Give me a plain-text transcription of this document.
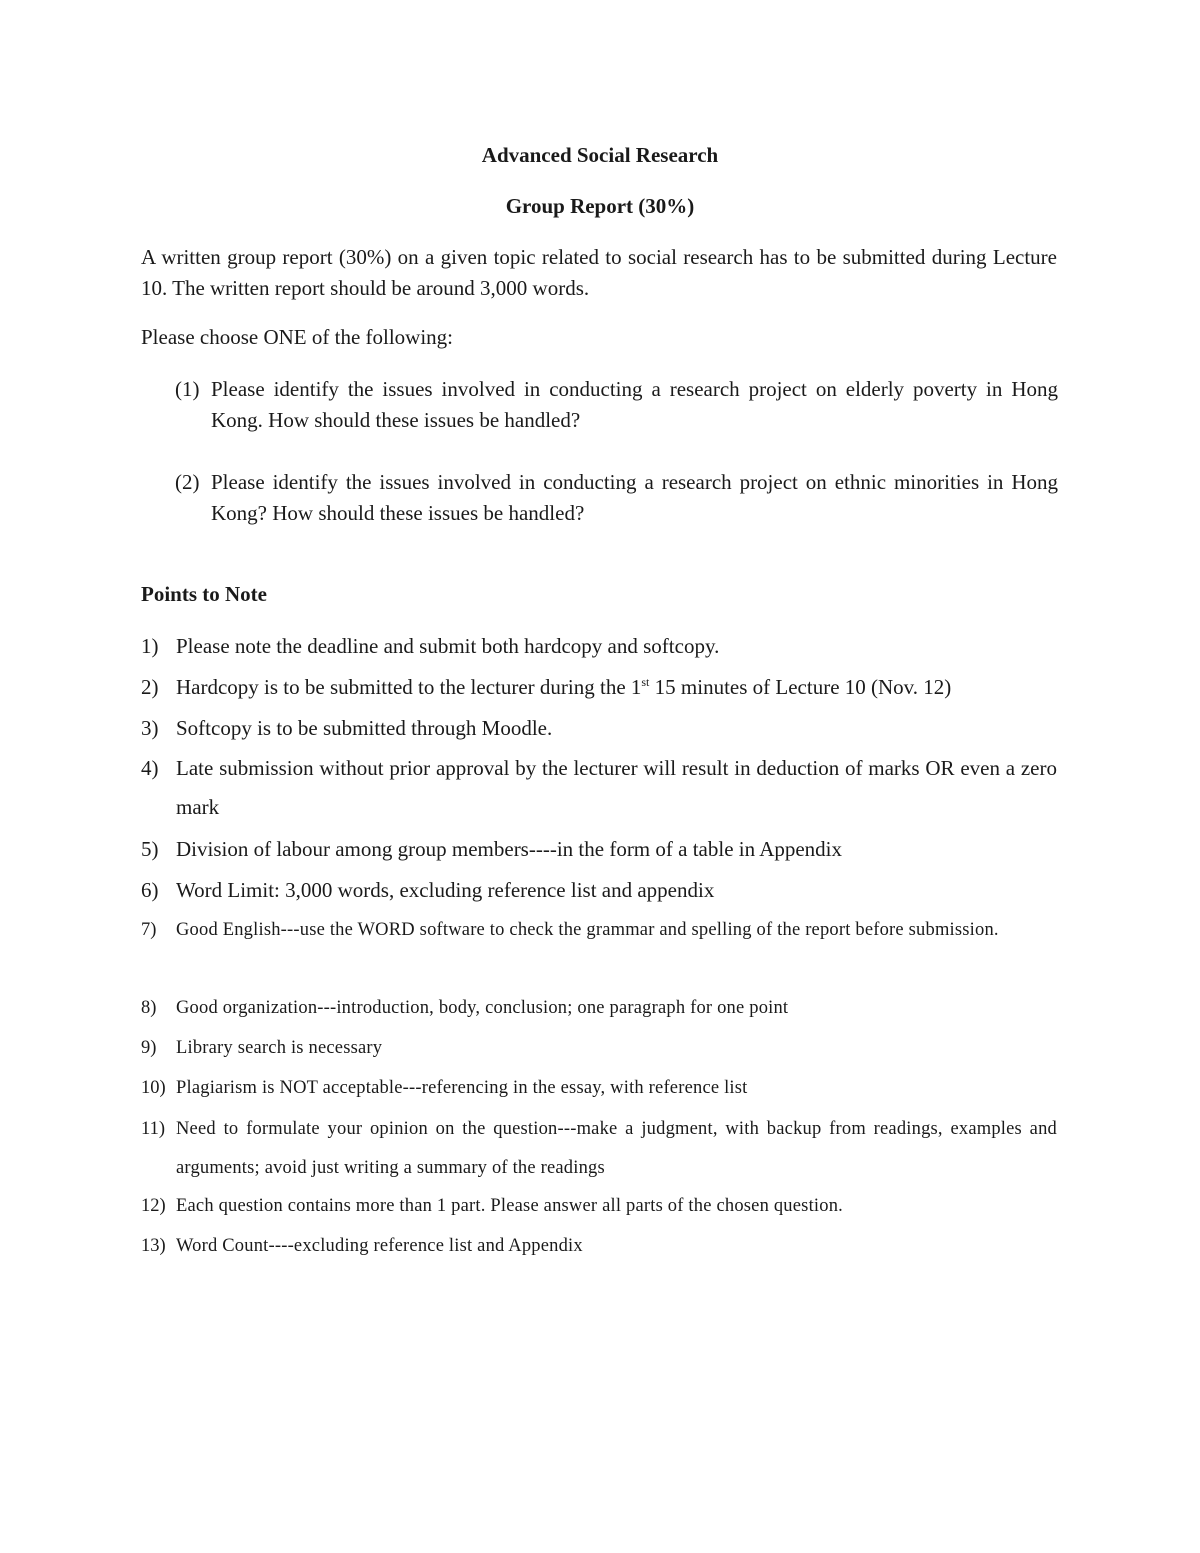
Advanced Social Research
Group Report (30%)
A written group report (30%) on a given topic related to social research has to be submitted during Lecture 10. The written report should be around 3,000 words.
Please choose ONE of the following:
(1) Please identify the issues involved in conducting a research project on elderly poverty in Hong Kong. How should these issues be handled?
(2) Please identify the issues involved in conducting a research project on ethnic minorities in Hong Kong? How should these issues be handled?
Points to Note
1) Please note the deadline and submit both hardcopy and softcopy.
2) Hardcopy is to be submitted to the lecturer during the 1st 15 minutes of Lecture 10 (Nov. 12)
3) Softcopy is to be submitted through Moodle.
4) Late submission without prior approval by the lecturer will result in deduction of marks OR even a zero mark
5) Division of labour among group members----in the form of a table in Appendix
6) Word Limit: 3,000 words, excluding reference list and appendix
7)	Good English---use the WORD software to check the grammar and spelling of the report before submission.
8)	Good organization---introduction, body, conclusion; one paragraph for one point
9)	Library search is necessary
10) Plagiarism is NOT acceptable---referencing in the essay, with reference list
11) Need to formulate your opinion on the question---make a judgment, with backup from readings, examples and arguments; avoid just writing a summary of the readings
12) Each question contains more than 1 part. Please answer all parts of the chosen question.
13) Word Count----excluding reference list and Appendix
